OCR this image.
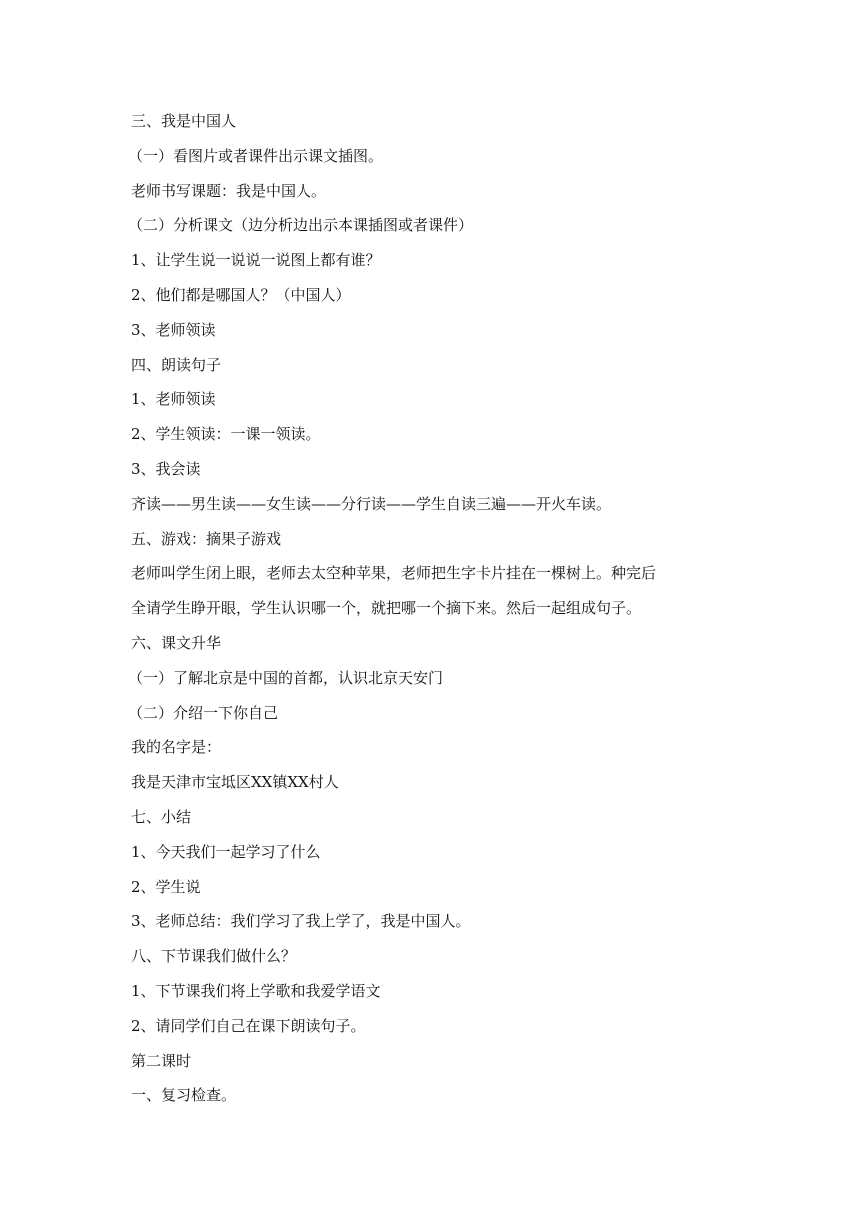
三、我是中国人
（一）看图片或者课件出示课文插图。
老师书写课题：我是中国人。
（二）分析课文（边分析边出示本课插图或者课件）
1、让学生说一说说一说图上都有谁？
2、他们都是哪国人？（中国人）
3、老师领读
四、朗读句子
1、老师领读
2、学生领读：一课一领读。
3、我会读
齐读——男生读——女生读——分行读——学生自读三遍——开火车读。
五、游戏：摘果子游戏
老师叫学生闭上眼，老师去太空种苹果，老师把生字卡片挂在一棵树上。种完后
全请学生睁开眼，学生认识哪一个，就把哪一个摘下来。然后一起组成句子。
六、课文升华
（一）了解北京是中国的首都，认识北京天安门
（二）介绍一下你自己
我的名字是：
我是天津市宝坻区XX镇XX村人
七、小结
1、今天我们一起学习了什么
2、学生说
3、老师总结：我们学习了我上学了，我是中国人。
八、下节课我们做什么？
1、下节课我们将上学歌和我爱学语文
2、请同学们自己在课下朗读句子。
第二课时
一、复习检查。
